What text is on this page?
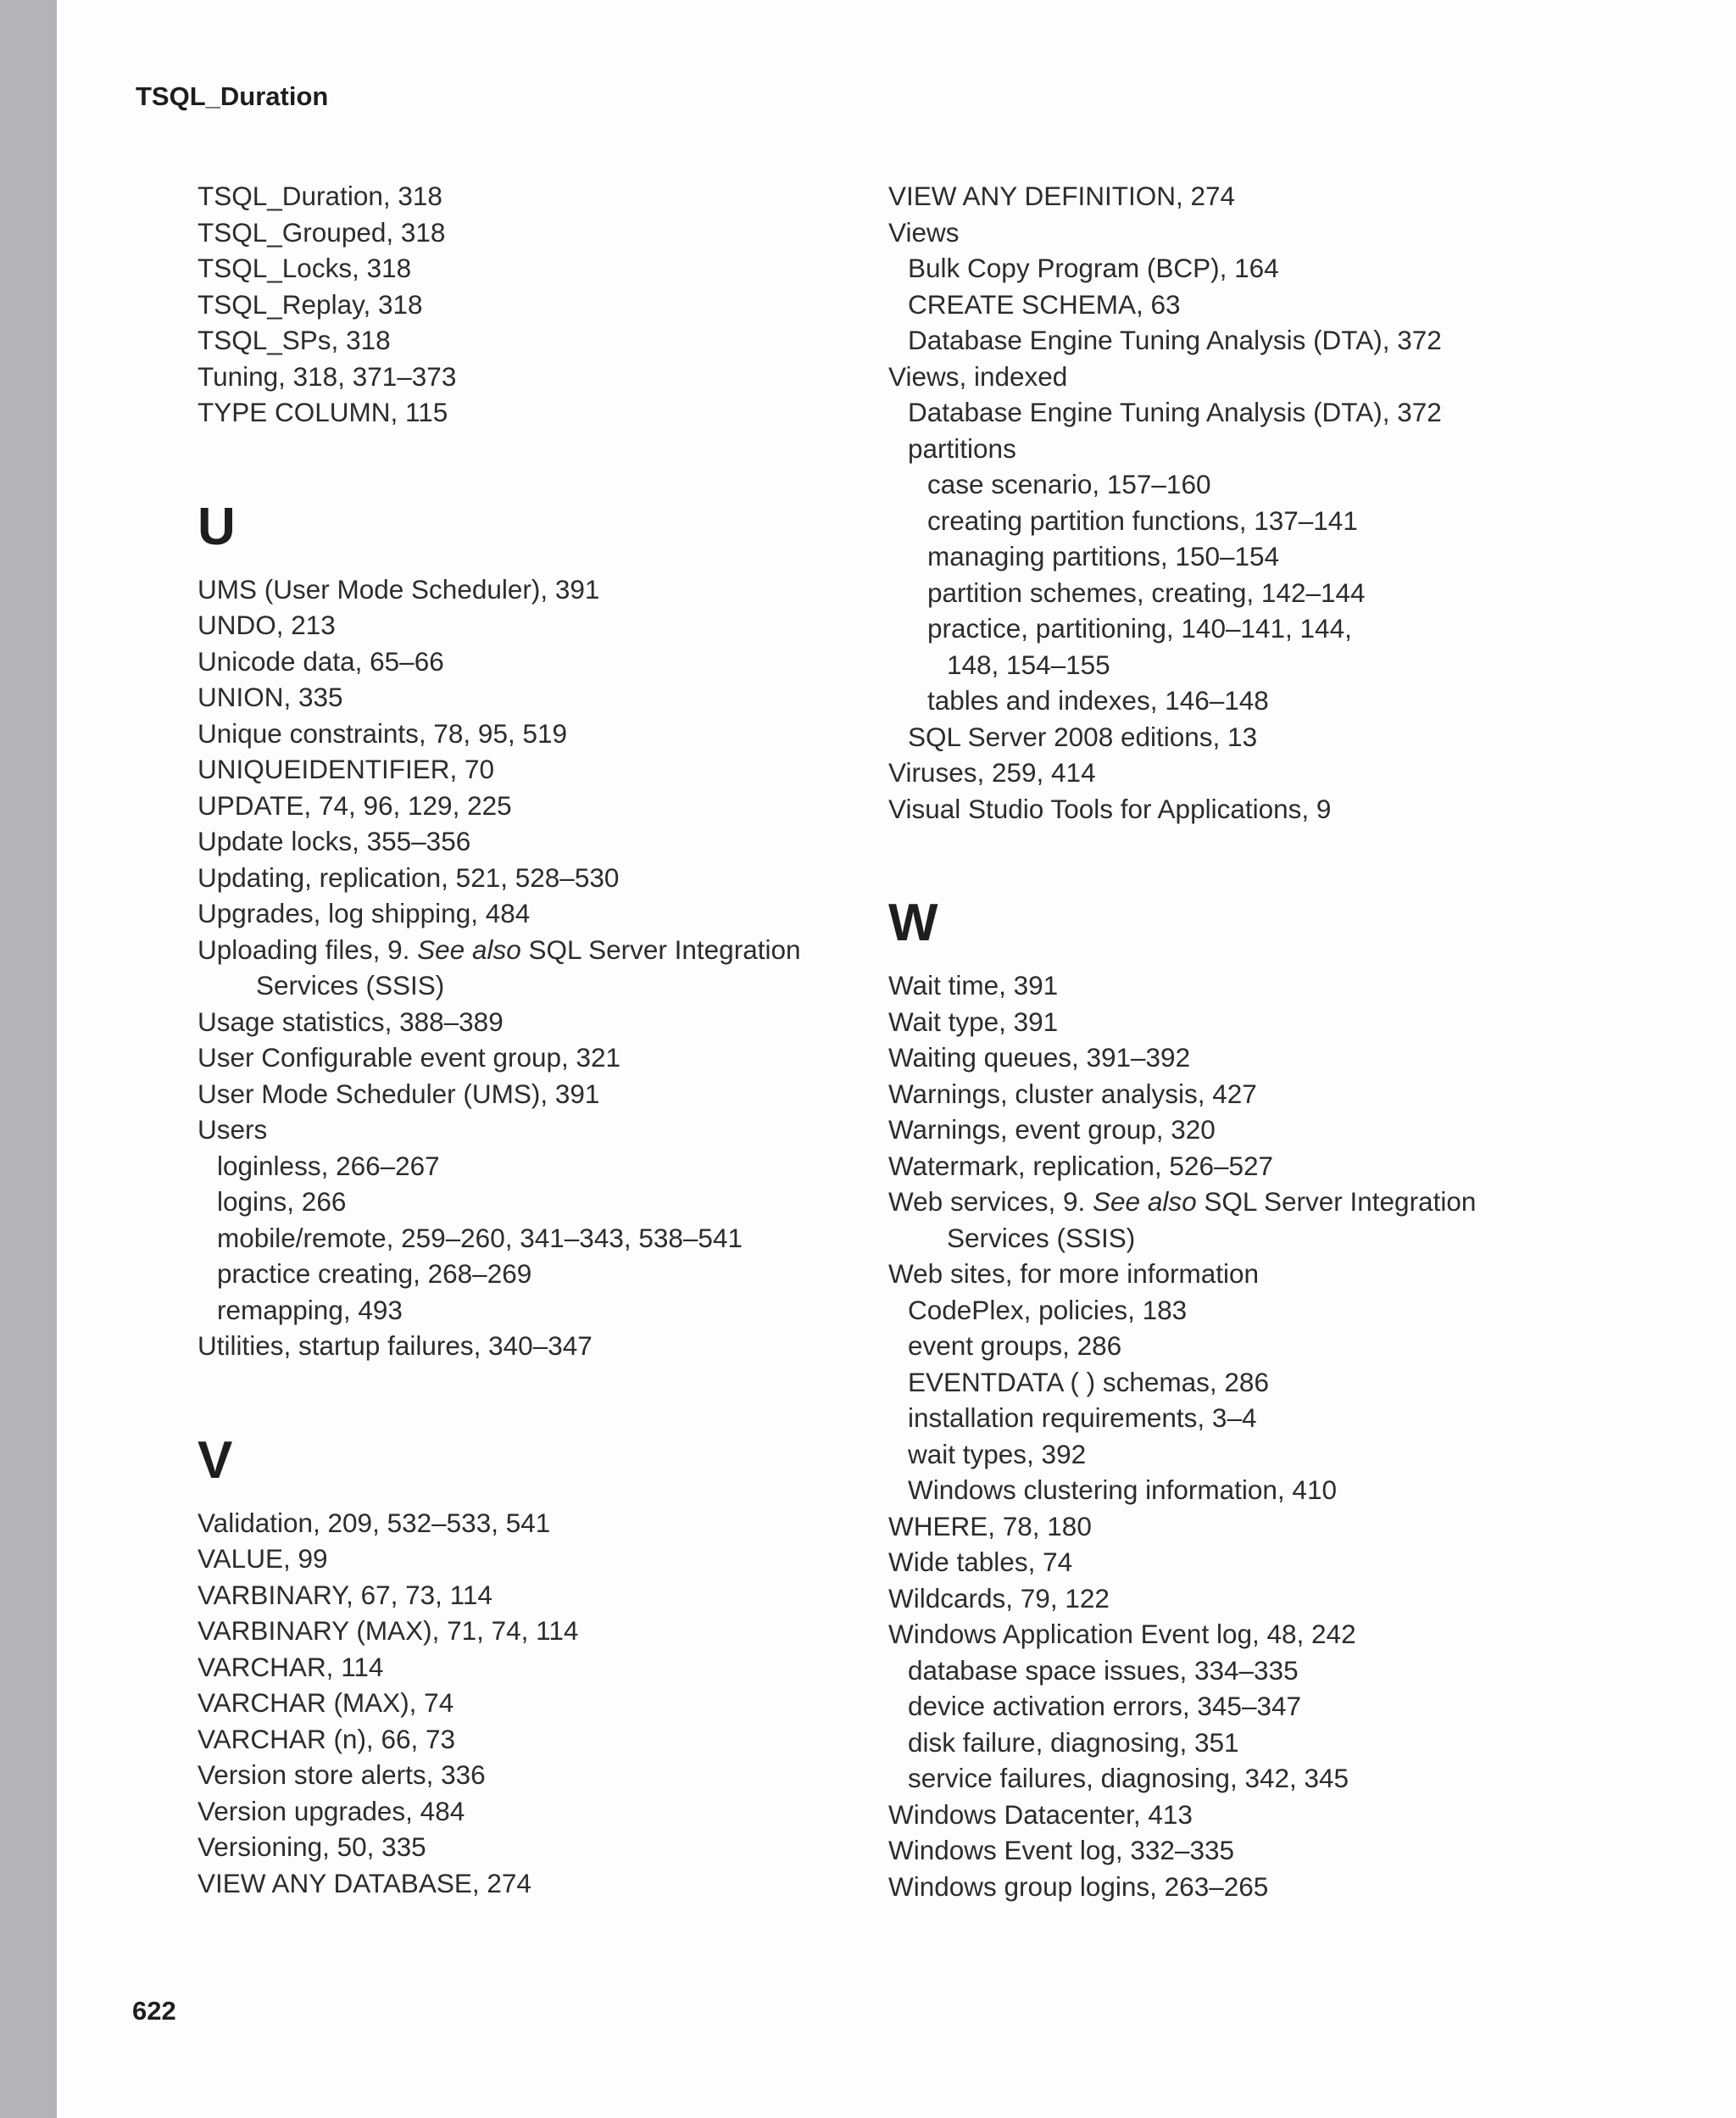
TSQL_Duration
TSQL_Duration, 318
TSQL_Grouped, 318
TSQL_Locks, 318
TSQL_Replay, 318
TSQL_SPs, 318
Tuning, 318, 371–373
TYPE COLUMN, 115
U
UMS (User Mode Scheduler), 391
UNDO, 213
Unicode data, 65–66
UNION, 335
Unique constraints, 78, 95, 519
UNIQUEIDENTIFIER, 70
UPDATE, 74, 96, 129, 225
Update locks, 355–356
Updating, replication, 521, 528–530
Upgrades, log shipping, 484
Uploading files, 9. See also SQL Server Integration
Services (SSIS)
Usage statistics, 388–389
User Configurable event group, 321
User Mode Scheduler (UMS), 391
Users
loginless, 266–267
logins, 266
mobile/remote, 259–260, 341–343, 538–541
practice creating, 268–269
remapping, 493
Utilities, startup failures, 340–347
V
Validation, 209, 532–533, 541
VALUE, 99
VARBINARY, 67, 73, 114
VARBINARY (MAX), 71, 74, 114
VARCHAR, 114
VARCHAR (MAX), 74
VARCHAR (n), 66, 73
Version store alerts, 336
Version upgrades, 484
Versioning, 50, 335
VIEW ANY DATABASE, 274
VIEW ANY DEFINITION, 274
Views
Bulk Copy Program (BCP), 164
CREATE SCHEMA, 63
Database Engine Tuning Analysis (DTA), 372
Views, indexed
Database Engine Tuning Analysis (DTA), 372
partitions
case scenario, 157–160
creating partition functions, 137–141
managing partitions, 150–154
partition schemes, creating, 142–144
practice, partitioning, 140–141, 144,
148, 154–155
tables and indexes, 146–148
SQL Server 2008 editions, 13
Viruses, 259, 414
Visual Studio Tools for Applications, 9
W
Wait time, 391
Wait type, 391
Waiting queues, 391–392
Warnings, cluster analysis, 427
Warnings, event group, 320
Watermark, replication, 526–527
Web services, 9. See also SQL Server Integration
Services (SSIS)
Web sites, for more information
CodePlex, policies, 183
event groups, 286
EVENTDATA ( ) schemas, 286
installation requirements, 3–4
wait types, 392
Windows clustering information, 410
WHERE, 78, 180
Wide tables, 74
Wildcards, 79, 122
Windows Application Event log, 48, 242
database space issues, 334–335
device activation errors, 345–347
disk failure, diagnosing, 351
service failures, diagnosing, 342, 345
Windows Datacenter, 413
Windows Event log, 332–335
Windows group logins, 263–265
622
